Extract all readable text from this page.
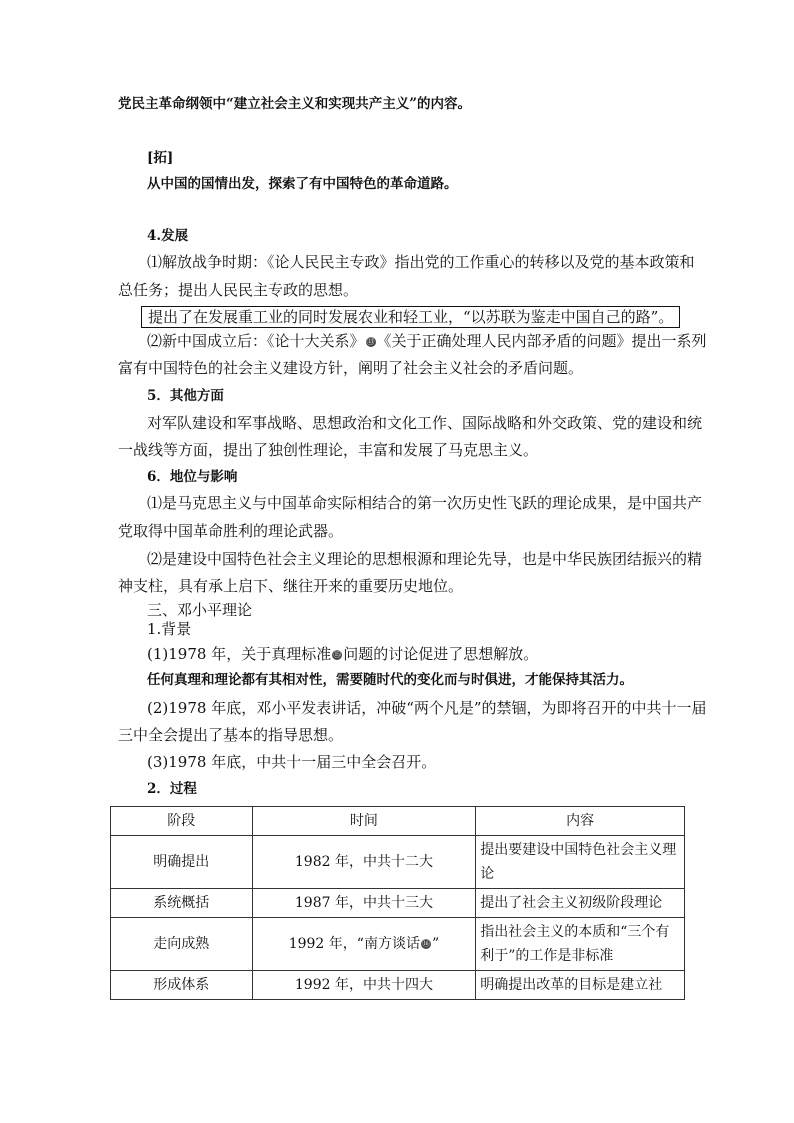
党民主革命纲领中“建立社会主义和实现共产主义”的内容。
[拓]
从中国的国情出发，探索了有中国特色的革命道路。
4.发展
⑴解放战争时期：《论人民民主专政》指出党的工作重心的转移以及党的基本政策和
总任务；提出人民民主专政的思想。
提出了在发展重工业的同时发展农业和轻工业，“以苏联为鉴走中国自己的路”。
⑵新中国成立后：《论十大关系》 ⑬ 《关于正确处理人民内部矛盾的问题》提出一系列
富有中国特色的社会主义建设方针，阐明了社会主义社会的矛盾问题。
5．其他方面
对军队建设和军事战略、思想政治和文化工作、国际战略和外交政策、党的建设和统
一战线等方面，提出了独创性理论，丰富和发展了马克思主义。
6．地位与影响
⑴是马克思主义与中国革命实际相结合的第一次历史性飞跃的理论成果，是中国共产
党取得中国革命胜利的理论武器。
⑵是建设中国特色社会主义理论的思想根源和理论先导，也是中华民族团结振兴的精
神支柱，具有承上启下、继往开来的重要历史地位。
三、邓小平理论
1.背景
(1)1978 年，关于真理标准 ⑮ 问题的讨论促进了思想解放。
任何真理和理论都有其相对性，需要随时代的变化而与时俱进，才能保持其活力。
(2)1978 年底，邓小平发表讲话，冲破“两个凡是”的禁锢，为即将召开的中共十一届
三中全会提出了基本的指导思想。
(3)1978 年底，中共十一届三中全会召开。
2．过程
阶段	时间	内容
明确提出	1982 年，中共十二大	提出要建设中国特色社会主义理论
系统概括	1987 年，中共十三大	提出了社会主义初级阶段理论
走向成熟	1992 年，“南方谈话 ⑯ ”	指出社会主义的本质和“三个有利于”的工作是非标准
形成体系	1992 年，中共十四大	明确提出改革的目标是建立社
